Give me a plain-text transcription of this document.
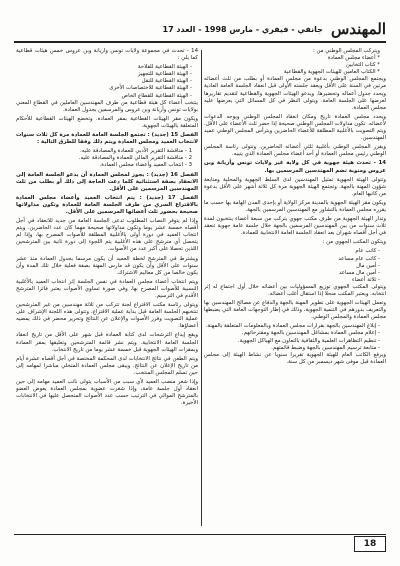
المهندس
جانفي - فيفري - مارس 1998 - العدد 17

ويتركب المجلس الوطني من :

* أعضاء مجلس العمادة

* كتاب التخابين

* الكتاب العامين للهيئات الجهوية والقطاعية

ويجتمع المجلس الوطني بدعوة من مجلس العمادة أو بطلب من ثلث أعضائه مرتين في السنة على الأقل ويعقد جلسته الأولى قبل انعقاد الجلسة العامة العادية ويحدد جدول أعماله وتحضيرها. ويدعو الهيئات الجهوية والقطاعية لتقديم تقاريرها لعرضها على الجلسة العامة. ويتولى النظر في كل المسائل التي يعرضها عليه مجلس العمادة.

ويحدد مجلس العمادة تاريخ ومكان انعقاد المجلس الوطني ويوجه الدعوات لأعضائه. تكون مداولات المجلس الوطني صحيحة إذا حضر ثلث الأعضاء على الأقل. ويتم التصويت بالأغلبية المطلقة للأعضاء الحاضرين ويترأس المجلس الوطني عميد المهندسين.

ويقرر المجلس الوطني بأغلبية ثلثي أعضائه الحاضرين. وتتولى رئاسة المجلس الوطني رئيس مجلس العمادة أو أحد أعضاء مجلس العمادة الذي ينيبه.

14 - تحدث هيئة جهوية في كل ولاية غير ولايات تونس وأريانة وبن عروس ومنوبة تضم المهندسين المرسمين بها.

وتتولى الهيئة الجهوية تمثيل المهندسين لدى السلط الجهوية والمحلية ومتابعة شؤون المهنة بالجهة. وتجتمع الهيئة الجهوية مرة كل ثلاثة أشهر على الأقل بدعوة من كاتبها العام.

ويكون مقر الهيئة الجهوية بالمدينة مركز الولاية أو بإحدى المدن الهامة بها حسب ما يقرره مجلس العمادة بالتشاور مع المهندسين المرسمين بالجهة.

وتدار الهيئة الجهوية من طرف مكتب جهوي يتركب من سبعة أعضاء ينتخبون لمدة ثلاث سنوات من بين المهندسين المرسمين بالجهة خلال جلسة عامة جهوية تنعقد في أجل أقصاه شهران بعد انعقاد الجلسة العامة الانتخابية للعمادة.

ويتكون المكتب الجهوي من :

- كاتب عام

- كاتب عام مساعد

- أمين مال

- أمين مال مساعد

- ثلاثة أعضاء

ويتولى المكتب الجهوي توزيع المسؤوليات بين أعضائه خلال أول اجتماع له إثر انتخابه. ويعتبر المكتب منحلا إذا استقال أغلب أعضائه.

وتعمل الهيئات الجهوية على تطوير المهنة بالجهة والدفاع عن مصالح المهندسين بها والتعريف بدورهم في التنمية الجهوية، وذلك في إطار التوجهات العامة التي يضبطها مجلس العمادة والمجلس الوطني.

- إبلاغ المهندسين بالجهة بقرارات مجلس العمادة وبالمعلومات المتعلقة بالمهنة.

- إعلام مجلس العمادة بمشاغل المهندسين بالجهة ومقترحاتهم.

- تنظيم التظاهرات العلمية والثقافية بالتعاون مع الهياكل الجهوية.

- متابعة ترسيم المهندسين بالجهة وضبط قائمتهم.

ويرفع الكاتب العام للهيئة الجهوية تقريرا سنويا عن نشاط الهيئة إلى مجلس العمادة قبل موفى شهر ديسمبر من كل سنة.

14 - تحدث في مجموعة ولايات تونس وأريانة وبن عروس خمس هيئات قطاعية كما يلي :

- الهيئة القطاعية للفلاحة

- الهيئة القطاعية للتجهيز

- الهيئة القطاعية للنقل

- الهيئة القطاعية للاختصاصات الأخرى

- الهيئة القطاعية للقطاع الخاص

ينتخب أعضاء كل هيئة قطاعية من طرف المهندسين العاملين في القطاع المعني بولايات تونس وأريانة وبن عروس والمرسمين بجدول العمادة.

ويكون مقر الهيئات القطاعية بمقر العمادة. وتخضع الهيئات القطاعية للأحكام المتعلقة بالهيئات الجهوية.

الفصل 15 (جديد) : تجتمع الجلسة العامة للعمادة مرة كل ثلاث سنوات لانتخاب العميد ومجلس العمادة ويتم ذلك وفقا للطرق التالية :

1 - مناقشة التقرير الأدبي للعمادة والمصادقة عليه.

2 - مناقشة التقرير المالي للعمادة والمصادقة عليه.

3 - انتخاب العميد وأعضاء مجلس العمادة.

الفصل 16 (جديد) : يجوز لمجلس العمادة أن يدعو الجلسة العامة إلى الانعقاد بصفة استثنائية كلما دعت الحاجة إلى ذلك أو بطلب من ثلث المهندسين المرسمين على الأقل.

الفصل 17 (جديد) : يتم انتخاب العميد وأعضاء مجلس العمادة بالاقتراع السري من طرف الجلسة العامة للعمادة وتكون مداولاتها صحيحة بحضور ثلث أعضائها المرسمين على الأقل.

وإذا لم يتوفر النصاب المطلوب تدعى الجلسة العامة من جديد للانعقاد في أجل أقصاه خمسة عشر يوما وتكون مداولاتها صحيحة مهما كان عدد الحاضرين. ويتم انتخاب العميد في دورة أولى بالأغلبية المطلقة للأصوات المصرح بها، وإذا لم يتحصل أي مترشح على هذه الأغلبية يتم اللجوء إلى دورة ثانية بين المترشحين اللذين تحصلا على أكبر عدد من الأصوات.

ويشترط في المترشح لخطة العميد أن يكون مرسما بجدول العمادة منذ عشر سنوات على الأقل وأن يكون قد مارس المهنة بصفة فعلية خلال تلك المدة وأن يكون خالصا من كل معاليم الاشتراك.

ويتم انتخاب أعضاء مجلس العمادة في نفس الجلسة إثر انتخاب العميد بالأغلبية النسبية للأصوات المصرح بها، وفي صورة تساوي الأصوات يعتبر فائزا المترشح الأقدم في الترسيم.

ويتولى رئاسة مكتب الاقتراع لجنة تتركب من ثلاثة مهندسين من غير المترشحين تنتخبهم الجلسة العامة قبل بداية عملية الاقتراع، وتتولى هذه اللجنة الإشراف على عملية التصويت وفرز الأصوات والإعلان عن النتائج وتحرير محضر في ذلك يمضيه أعضاؤها.

ويقع إيداع الترشحات لدى كتابة العمادة قبل شهر على الأقل من تاريخ انعقاد الجلسة العامة الانتخابية. ويتم نشر قائمة المترشحين وتعليقها بمقر العمادة وبمقرات الهيئات الجهوية قبل خمسة عشر يوما من تاريخ الانتخاب.

ويتم الطعن في نتائج الانتخابات لدى المحكمة المختصة في أجل أقصاه عشرة أيام من تاريخ الإعلان عن النتائج. ويبقى مجلس العمادة المتخلي مباشرا لمهامه إلى حين تسلم المجلس المنتخب.

وإذا شغر منصب العميد لأي سبب من الأسباب يتولى نائب العميد مهامه إلى حين انعقاد أول جلسة عامة، وإذا شغرت عضوية بمجلس العمادة يعوض العضو بالمترشح الموالي في الترتيب حسب عدد الأصوات المتحصل عليها في الانتخابات الأخيرة.

18
